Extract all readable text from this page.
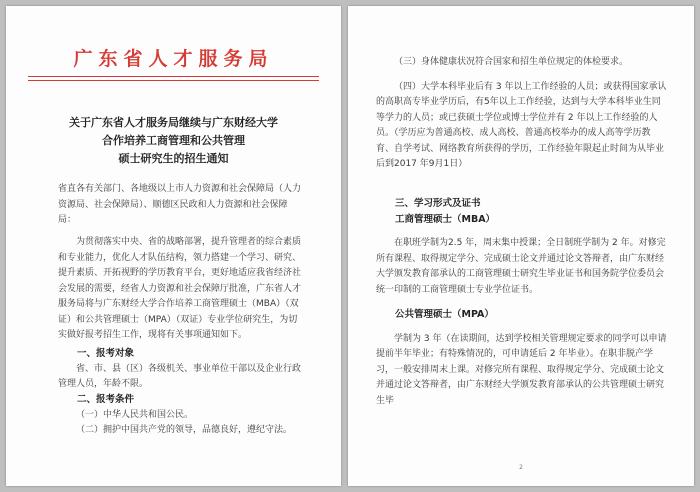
广东省人才服务局
关于广东省人才服务局继续与广东财经大学
合作培养工商管理和公共管理
硕士研究生的招生通知

省直各有关部门、各地级以上市人力资源和社会保障局（人力资源局、社会保障局）、顺德区民政和人力资源和社会保障局：

为贯彻落实中央、省的战略部署，提升管理者的综合素质和专业能力，优化人才队伍结构，领力搭建一个学习、研究、提升素质、开拓视野的学历教育平台，更好地适应我省经济社会发展的需要，经省人力资源和社会保障厅批准，广东省人才服务局将与广东财经大学合作培养工商管理硕士（MBA）（双证）和公共管理硕士（MPA）（双证）专业学位研究生，为切实做好报考招生工作，现将有关事项通知如下。

一、报考对象

省、市、县（区）各级机关、事业单位干部以及企业行政管理人员，年龄不限。

二、报考条件

（一）中华人民共和国公民。

（二）拥护中国共产党的领导，品德良好，遵纪守法。

（三）身体健康状况符合国家和招生单位规定的体检要求。

（四）大学本科毕业后有 3 年以上工作经验的人员；或获得国家承认的高职高专毕业学历后，有5年以上工作经验，达到与大学本科毕业生同等学力的人员；或已获硕士学位或博士学位并有 2 年以上工作经验的人员。（学历应为普通高校、成人高校、普通高校举办的成人高等学历教育、自学考试、网络教育所获得的学历，工作经验年限起止时间为从毕业后到2017 年9月1日）

三、学习形式及证书
工商管理硕士（MBA）

在职班学制为2.5 年，周末集中授课；全日制班学制为 2 年。对修完所有课程、取得规定学分、完成硕士论文并通过论文答辩者，由广东财经大学颁发教育部承认的工商管理硕士研究生毕业证书和国务院学位委员会统一印制的工商管理硕士专业学位证书。

公共管理硕士（MPA）

学制为 3 年（在读期间，达到学校相关管理规定要求的同学可以申请提前半年毕业；有特殊情况的，可申请延后 2 年毕业）。在职非脱产学习，一般安排周末上课。对修完所有课程、取得规定学分、完成硕士论文并通过论文答辩者，由广东财经大学颁发教育部承认的公共管理硕士研究生毕

2
